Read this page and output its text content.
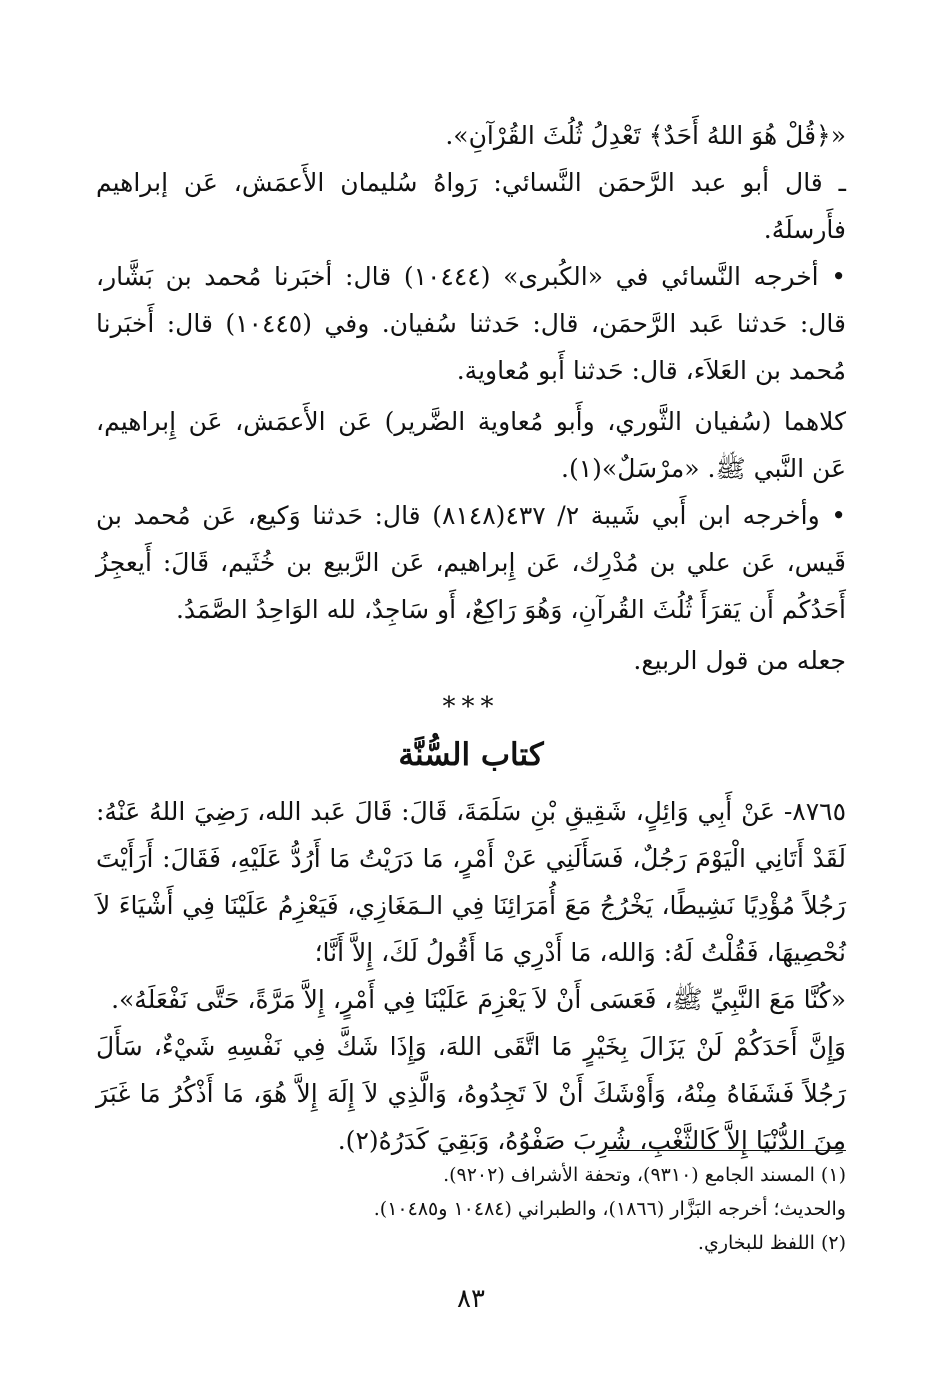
«﴿قُلْ هُوَ اللهُ أَحَدٌ﴾ تَعْدِلُ ثُلُثَ القُرْآنِ».

ـ قال أبو عبد الرَّحمَن النَّسائي: رَواهُ سُليمان الأَعمَش، عَن إبراهيم فأَرسلَهُ.

• أخرجه النَّسائي في «الكُبرى» (١٠٤٤٤) قال: أخبَرنا مُحمد بن بَشَّار، قال: حَدثنا عَبد الرَّحمَن، قال: حَدثنا سُفيان. وفي (١٠٤٤٥) قال: أَخبَرنا مُحمد بن العَلاَء، قال: حَدثنا أَبو مُعاوية.

كلاهما (سُفيان الثَّوري، وأَبو مُعاوية الضَّرير) عَن الأَعمَش، عَن إِبراهيم، عَن النَّبي ﷺ. «مرْسَلٌ»(١).

• وأخرجه ابن أَبي شَيبة ٢/ ٤٣٧(٨١٤٨) قال: حَدثنا وَكيع، عَن مُحمد بن قَيس، عَن علي بن مُدْرِك، عَن إِبراهيم، عَن الرَّبيع بن خُثَيم، قَالَ: أَيعجِزُ أَحَدُكُم أَن يَقرَأَ ثُلُثَ القُرآنِ، وَهُوَ رَاكِعٌ، أَو سَاجِدٌ، لله الوَاحِدُ الصَّمَدُ.

جعله من قول الربيع.

***
كتاب السُّنَّة

٨٧٦٥- عَنْ أَبِي وَائِلٍ، شَقِيقِ بْنِ سَلَمَةَ، قَالَ: قَالَ عَبد الله، رَضِيَ اللهُ عَنْهُ: لَقَدْ أَتَانِي الْيَوْمَ رَجُلٌ، فَسَأَلَنِي عَنْ أَمْرٍ، مَا دَرَيْتُ مَا أَرُدُّ عَلَيْهِ، فَقَالَ: أَرَأَيْتَ رَجُلاً مُؤْدِيًا نَشِيطًا، يَخْرُجُ مَعَ أُمَرَائِنَا فِي الـمَغَازِي، فَيَعْزِمُ عَلَيْنَا فِي أَشْيَاءَ لاَ نُحْصِيهَا، فَقُلْتُ لَهُ: وَالله، مَا أَدْرِي مَا أَقُولُ لَكَ، إِلاَّ أَنَّا؛

«كُنَّا مَعَ النَّبِيِّ ﷺ، فَعَسَى أَنْ لاَ يَعْزِمَ عَلَيْنَا فِي أَمْرٍ، إِلاَّ مَرَّةً، حَتَّى نَفْعَلَهُ».

وَإِنَّ أَحَدَكُمْ لَنْ يَزَالَ بِخَيْرٍ مَا اتَّقَى اللهَ، وَإِذَا شَكَّ فِي نَفْسِهِ شَيْءٌ، سَأَلَ رَجُلاً فَشَفَاهُ مِنْهُ، وَأَوْشَكَ أَنْ لاَ تَجِدُوهُ، وَالَّذِي لاَ إِلَهَ إِلاَّ هُوَ، مَا أَذْكُرُ مَا غَبَرَ مِنَ الدُّنْيَا إِلاَّ كَالثَّغْبِ، شُرِبَ صَفْوُهُ، وَبَقِيَ كَدَرُهُ(٢).

(١) المسند الجامع (٩٣١٠)، وتحفة الأشراف (٩٢٠٢).

والحديث؛ أخرجه البَزَّار (١٨٦٦)، والطبراني (١٠٤٨٤ و١٠٤٨٥).

(٢) اللفظ للبخاري.

٨٣
